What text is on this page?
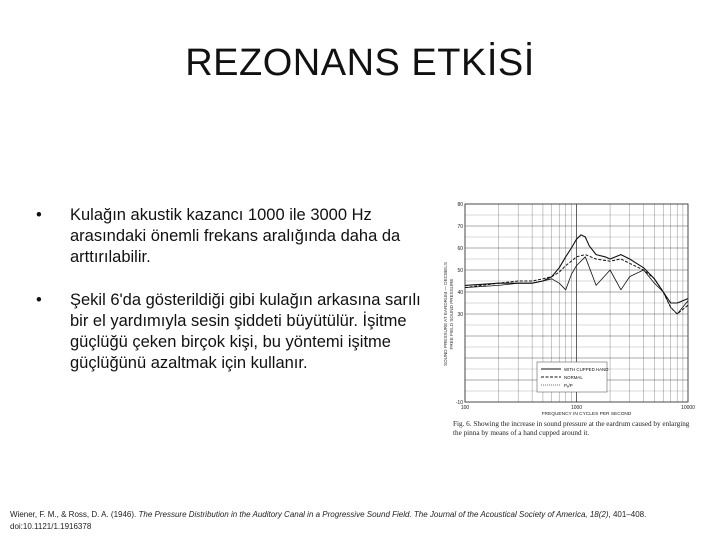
REZONANS ETKİSİ
• Kulağın akustik kazancı 1000 ile 3000 Hz arasındaki önemli frekans aralığında daha da arttırılabilir.
• Şekil 6'da gösterildiği gibi kulağın arkasına sarılı bir el yardımıyla sesin şiddeti büyütülür. İşitme güçlüğü çeken birçok kişi, bu yöntemi işitme güçlüğünü azaltmak için kullanır.	SOUND PRESSURE AT EARDRUM — DECIBELS FREE FIELD SOUND PRESSURE
80
70
60
50
40
30
-10
100	1000	10000
FREQUENCY IN CYCLES PER SECOND
WITH CUPPED HAND
NORMAL
Pₑ/P
Fig. 6. Showing the increase in sound pressure at the eardrum caused by enlarging the pinna by means of a hand cupped around it.
Wiener, F. M., & Ross, D. A. (1946). The Pressure Distribution in the Auditory Canal in a Progressive Sound Field. The Journal of the Acoustical Society of America, 18(2), 401–408. doi:10.1121/1.1916378
